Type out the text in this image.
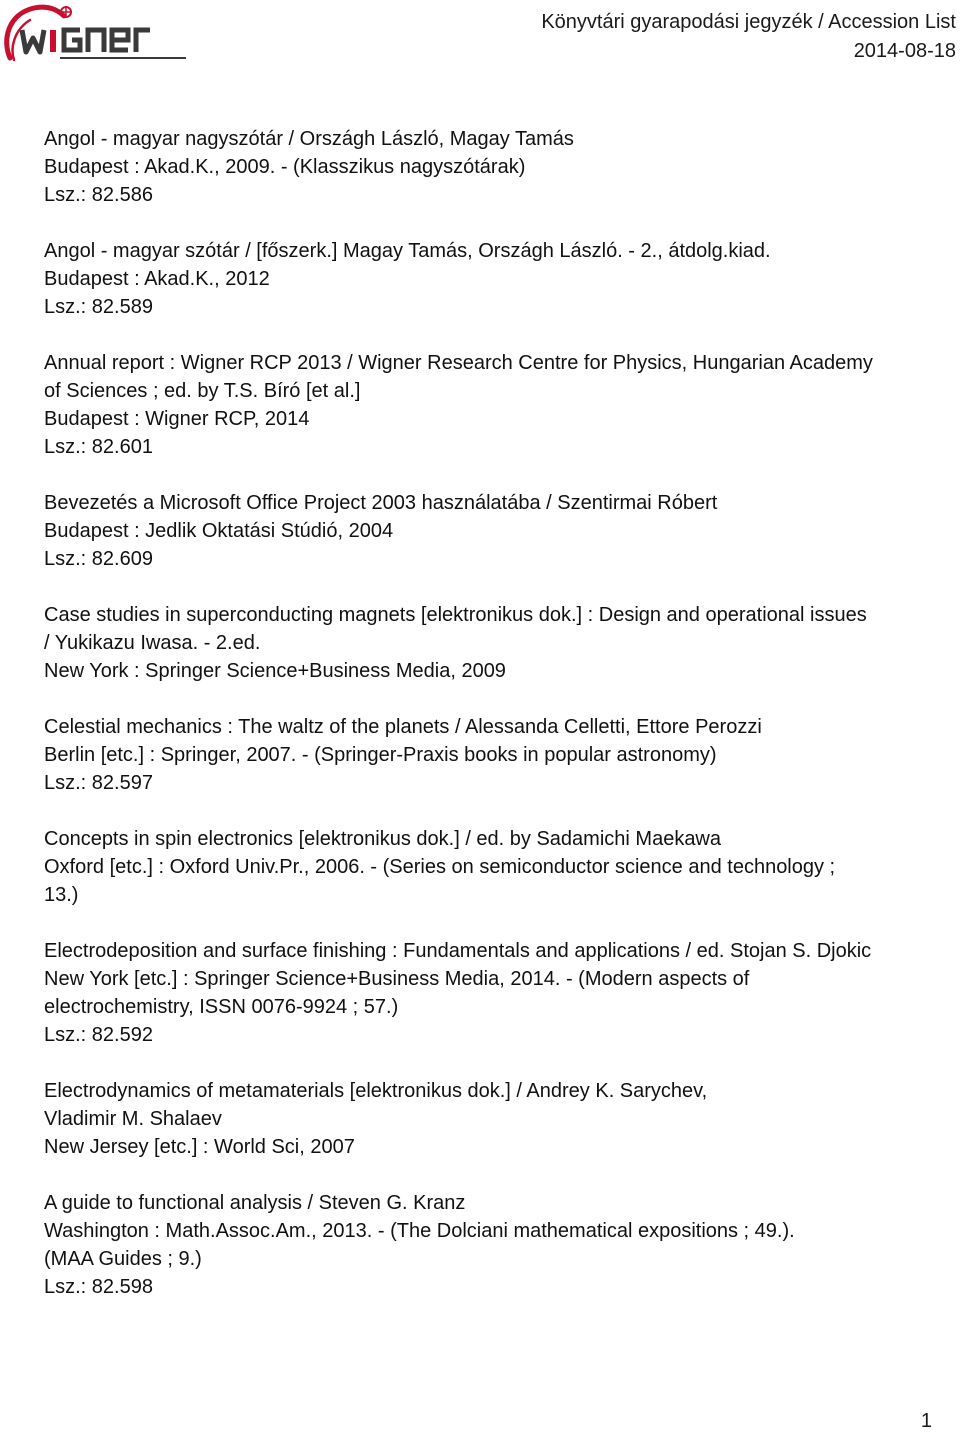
Könyvtári gyarapodási jegyzék / Accession List
2014-08-18
Angol - magyar nagyszótár / Országh László, Magay Tamás
Budapest : Akad.K., 2009. - (Klasszikus nagyszótárak)
Lsz.: 82.586
Angol - magyar szótár / [főszerk.] Magay Tamás, Országh László. - 2., átdolg.kiad.
Budapest : Akad.K., 2012
Lsz.: 82.589
Annual report : Wigner RCP 2013 / Wigner Research Centre for Physics, Hungarian Academy
of Sciences ; ed. by T.S. Bíró [et al.]
Budapest : Wigner RCP, 2014
Lsz.: 82.601
Bevezetés a Microsoft Office Project 2003 használatába / Szentirmai Róbert
Budapest : Jedlik Oktatási Stúdió, 2004
Lsz.: 82.609
Case studies in superconducting magnets [elektronikus dok.] : Design and operational issues
/ Yukikazu Iwasa. - 2.ed.
New York : Springer Science+Business Media, 2009
Celestial mechanics : The waltz of the planets / Alessanda Celletti, Ettore Perozzi
Berlin [etc.] : Springer, 2007. - (Springer-Praxis books in popular astronomy)
Lsz.: 82.597
Concepts in spin electronics [elektronikus dok.] / ed. by Sadamichi Maekawa
Oxford [etc.] : Oxford Univ.Pr., 2006. - (Series on semiconductor science and technology ;
13.)
Electrodeposition and surface finishing : Fundamentals and applications / ed. Stojan S. Djokic
New York [etc.] : Springer Science+Business Media, 2014. - (Modern aspects of
electrochemistry, ISSN 0076-9924 ; 57.)
Lsz.: 82.592
Electrodynamics of metamaterials [elektronikus dok.] / Andrey K. Sarychev,
Vladimir M. Shalaev
New Jersey [etc.] : World Sci, 2007
A guide to functional analysis / Steven G. Kranz
Washington : Math.Assoc.Am., 2013. - (The Dolciani mathematical expositions ; 49.).
(MAA Guides ; 9.)
Lsz.: 82.598
1
